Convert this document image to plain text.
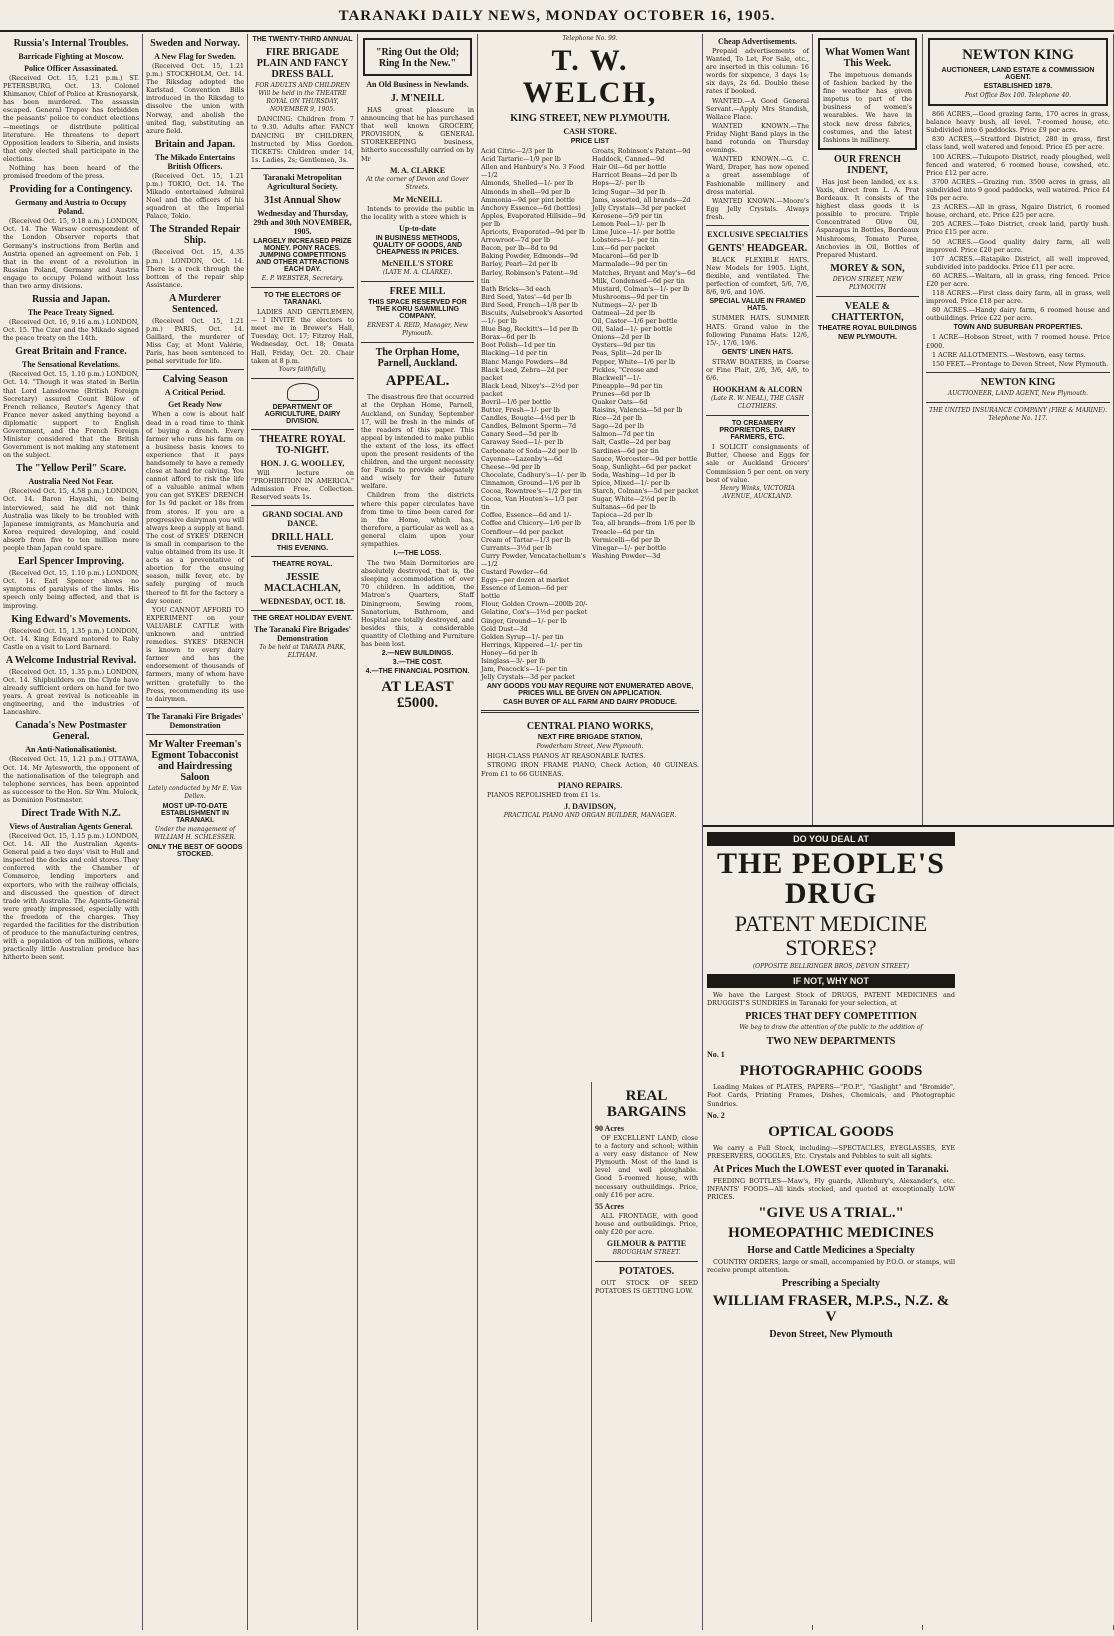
TARANAKI DAILY NEWS, MONDAY OCTOBER 16, 1905.
Russia's Internal Troubles.
Barricade Fighting at Moscow.
Police Officer Assassinated.
(Received Oct. 15, 1.21 p.m.) ST. PETERSBURG, Oct. 13. Colonel Khimanov, Chief of Police at Krasnoyarsk, has been murdered. The assassin escaped. General Trepov has forbidden the peasants' police to conduct elections—meetings or distribute political literature. He threatens to deport Opposition leaders to Siberia, and insists that only elected shall participate in the elections.
Nothing has been heard of the promised freedom of the press.
Providing for a Contingency.
Germany and Austria to Occupy Poland.
(Received Oct. 15, 9.18 a.m.) LONDON, Oct. 14. The Warsaw correspondent of the London Observer reports that Germany's instructions from Berlin and Austria opened an agreement on Feb. 1 that in the event of a revolution in Russian Poland, Germany and Austria engage to occupy Poland without loss than two army divisions.
Russia and Japan.
The Peace Treaty Signed.
(Received Oct. 16, 9.16 a.m.) LONDON, Oct. 15. The Czar and the Mikado signed the peace treaty on the 14th.
Great Britain and France.
The Sensational Revelations.
(Received Oct. 15, 1.10 p.m.) LONDON, Oct. 14. "Though it was stated in Berlin that Lord Lansdowne (British Foreign Secretary) assured Count Bülow of French reliance, Reuter's Agency that France never asked anything beyond a diplomatic support to English Government, and the French Foreign Minister considered that the British Government is not making any statement on the subject.
The "Yellow Peril" Scare.
Australia Need Not Fear.
(Received Oct. 15, 4.58 p.m.) LONDON, Oct. 14. Baron Hayashi, on being interviewed, said he did not think Australia was likely to be troubled with Japanese immigrants, as Manchuria and Korea required developing, and could absorb from five to ten million more people than Japan could spare.
Earl Spencer Improving.
(Received Oct. 15, 1.10 p.m.) LONDON, Oct. 14. Earl Spencer shows no symptoms of paralysis of the limbs. His speech only being affected, and that is improving.
King Edward's Movements.
(Received Oct. 15, 1.35 p.m.) LONDON, Oct. 14. King Edward motored to Raby Castle on a visit to Lord Barnard.
A Welcome Industrial Revival.
(Received Oct. 15, 1.35 p.m.) LONDON, Oct. 14. Shipbuilders on the Clyde have already sufficient orders on hand for two years. A great revival is noticeable in engineering, and the industries of Lancashire.
Canada's New Postmaster General.
An Anti-Nationalisationist.
(Received Oct. 15, 1.21 p.m.) OTTAWA, Oct. 14. Mr Aylesworth, the opponent of the nationalisation of the telegraph and telephone services, has been appointed as successor to the Hon. Sir Wm. Mulock, as Dominion Postmaster.
Direct Trade With N.Z.
Views of Australian Agents General.
(Received Oct. 15, 1.15 p.m.) LONDON, Oct. 14. All the Australian Agents-General paid a two days' visit to Hull and inspected the docks and cold stores. They conferred with the Chamber of Commerce, lending importers and exporters, who with the railway officials, and discussed the question of direct trade with Australia. The Agents-General were greatly impressed, especially with the freedom of the charges. They regarded the facilities for the distribution of produce to the manufacturing centres, with a population of ten millions, where practically little Australian produce has hitherto been sent.
Sweden and Norway.
A New Flag for Sweden.
(Received Oct. 15, 1.21 p.m.) STOCKHOLM, Oct. 14. The Riksdag adopted the Karlstad Convention Bills introduced in the Riksdag to dissolve the union with Norway, and abolish the united flag, substituting an azure field.
Britain and Japan.
The Mikado Entertains British Officers.
(Received Oct. 15, 1.21 p.m.) TOKIO, Oct. 14. The Mikado entertained Admiral Noel and the officers of his squadron at the Imperial Palace, Tokio.
The Stranded Repair Ship.
(Received Oct. 15, 4.35 p.m.) LONDON, Oct. 14. There is a rock through the bottom of the repair ship Assistance.
A Murderer Sentenced.
(Received Oct. 15, 1.21 p.m.) PARIS, Oct. 14. Gaillard, the murderer of Miss Cay, at Mont Valérie, Paris, has been sentenced to penal servitude for life.
Calving Season
A Critical Period.
Get Ready Now
When a cow is about half dead in a road time to think of buying a drench. Every farmer who runs his farm on a business basis knows to experience that it pays handsomely to have a remedy close at hand for calving. You cannot afford to risk the life of a valuable animal when you can get SYKES' DRENCH for 1s 9d packet or 18s from from stores. If you are a progressive dairyman you will always keep a supply at hand. The cost of SYKES' DRENCH is small in comparison to the value obtained from its use. It acts as a preventative of abortion for the ensuing season, milk fever, etc. by safely purging of much thereof to fit for the factory a day sooner.
YOU CANNOT AFFORD TO EXPERIMENT on your VALUABLE CATTLE with unknown and untried remedies. SYKES' DRENCH is known to every dairy farmer and has the endorsement of thousands of farmers, many of whom have written gratefully to the Press, recommending its use to dairymen.
The Taranaki Fire Brigades' Demonstration
Mr Walter Freeman's Egmont Tobacconist and Hairdressing Saloon
Lately conducted by Mr E. Van Dellen.
MOST UP-TO-DATE ESTABLISHMENT IN TARANAKI.
Under the management of WILLIAM H. SCHLESSER.
ONLY THE BEST OF GOODS STOCKED.
THE TWENTY-THIRD ANNUAL
FIRE BRIGADE PLAIN AND FANCY DRESS BALL
FOR ADULTS AND CHILDREN Will be held in the THEATRE ROYAL ON THURSDAY, NOVEMBER 9, 1905.
DANCING: Children from 7 to 9.30. Adults after. FANCY DANCING BY CHILDREN, Instructed by Miss Gordon. TICKETS: Children under 14, 1s. Ladies, 2s; Gentlemen, 3s.
Taranaki Metropolitan Agricultural Society.
31st Annual Show
Wednesday and Thursday, 29th and 30th NOVEMBER, 1905.
LARGELY INCREASED PRIZE MONEY. PONY RACES. JUMPING COMPETITIONS AND OTHER ATTRACTIONS EACH DAY.
E. P. WEBSTER, Secretary.
TO THE ELECTORS OF TARANAKI.
LADIES AND GENTLEMEN,— I INVITE the electors to meet me in Brewer's Hall, Tuesday, Oct. 17; Fitzroy Hall, Wednesday, Oct. 18; Omata Hall, Friday, Oct. 20. Chair taken at 8 p.m.
Yours faithfully,
DEPARTMENT OF AGRICULTURE, DAIRY DIVISION.
THEATRE ROYAL TO-NIGHT.
HON. J. G. WOOLLEY,
Will lecture on "PROHIBITION IN AMERICA." Admission Free. Collection. Reserved seats 1s.
GRAND SOCIAL AND DANCE.
DRILL HALL
THIS EVENING.
THEATRE ROYAL.
JESSIE MACLACHLAN,
WEDNESDAY, OCT. 18.
THE GREAT HOLIDAY EVENT.
The Taranaki Fire Brigades' Demonstration
To be held at TARATA PARK, ELTHAM.
"Ring Out the Old; Ring In the New."
An Old Business in Newlands.
J. M'NEILL
HAS great pleasure in announcing that he has purchased that well known GROCERY, PROVISION, & GENERAL STOREKEEPING business, hitherto successfully carried on by Mr
M. A. CLARKE
At the corner of Devon and Gover Streets.
Mr McNEILL
Intends to provide the public in the locality with a store which is
Up-to-date
IN BUSINESS METHODS, QUALITY OF GOODS, AND CHEAPNESS IN PRICES.
McNEILL'S STORE
(LATE M. A. CLARKE).
FREE MILL
THIS SPACE RESERVED FOR THE KORU SAWMILLING COMPANY.
ERNEST A. REID, Manager, New Plymouth.
The Orphan Home, Parnell, Auckland.
APPEAL.
The disastrous fire that occurred at the Orphan Home, Parnell, Auckland, on Sunday, September 17, will be fresh in the minds of the readers of this paper. This appeal by intended to make public the extent of the loss, its effect upon the present residents of the children, and the urgent necessity for Funds to provide adequately and wisely for their future welfare.
Children from the districts where this paper circulates have from time to time been cared for in the Home, which has, therefore, a particular as well as a general claim upon your sympathies.
I.—THE LOSS.
The two Main Dormitories are absolutely destroyed, that is, the sleeping accommodation of over 70 children. In addition, the Matron's Quarters, Staff Diningroom, Sewing room, Sanatorium, Bathroom, and Hospital are totally destroyed, and besides this, a considerable quantity of Clothing and Furniture has been lost.
2.—NEW BUILDINGS.
3.—THE COST.
4.—THE FINANCIAL POSITION.
AT LEAST £5000.
Telephone No. 99.
T. W. WELCH,
KING STREET, NEW PLYMOUTH.
CASH STORE.
PRICE LIST
Acid Citric—2/3 per lb
Acid Tartaric—1/9 per lb
Allen and Hanbury's No. 3 Food—1/2
Almonds, Shelled—1/- per lb
Almonds in shell—9d per lb
Ammonia—9d per pint bottle
Anchovy Essence—6d (bottles)
Apples, Evaporated Hillside—9d per lb
Apricots, Evaporated—9d per lb
Arrowroot—7d per lb
Bacon, per lb—8d to 9d
Baking Powder, Edmonds—9d
Barley, Pearl—2d per lb
Barley, Robinson's Patent—9d tin
Bath Bricks—3d each
Bird Seed, Yates'—4d per lb
Bird Seed, French—1/8 per lb
Biscuits, Aulsebrook's Assorted—1/- per lb
Blue Bag, Reckitt's—1d per lb
Borax—6d per lb
Boot Polish—1d per tin
Blacking—1d per tin
Blanc Mange Powders—8d
Black Lead, Zebra—2d per packet
Black Lead, Nixey's—2½d per packet
Bovril—1/6 per bottle
Butter, Fresh—1/- per lb
Candles, Bougie—4½d per lb
Candles, Belmont Sperm—7d
Canary Seed—5d per lb
Caraway Seed—1/- per lb
Carbonate of Soda—2d per lb
Cayenne—Lazenby's—6d
Cheese—9d per lb
Chocolate, Cadbury's—1/- per lb
Cinnamon, Ground—1/6 per lb
Cocoa, Rowntree's—1/2 per tin
Cocoa, Van Houten's—1/3 per tin
Coffee, Essence—6d and 1/-
Coffee and Chicory—1/6 per lb
Cornflour—4d per packet
Cream of Tartar—1/3 per lb
Currants—3½d per lb
Curry Powder, Vencatachellum's—1/2
Custard Powder—6d
Eggs—per dozen at market
Essence of Lemon—6d per bottle
Flour, Golden Crown—200lb 20/-
Gelatine, Cox's—1½d per packet
Ginger, Ground—1/- per lb
Gold Dust—3d
Golden Syrup—1/- per tin
Herrings, Kippered—1/- per tin
Honey—6d per lb
Isinglass—3/- per lb
Jam, Peacock's—1/- per tin
Jelly Crystals—3d per packet
Groats, Robinson's Patent—9d
Haddock, Canned—9d
Hair Oil—6d per bottle
Harricot Beans—2d per lb
Hops—2/- per lb
Icing Sugar—3d per lb
Jams, assorted, all brands—2d
Jelly Crystals—3d per packet
Kerosene—5/9 per tin
Lemon Peel—1/- per lb
Lime Juice—1/- per bottle
Lobsters—1/- per tin
Lux—6d per packet
Macaroni—6d per lb
Marmalade—9d per tin
Matches, Bryant and May's—6d
Milk, Condensed—6d per tin
Mustard, Colman's—1/- per lb
Mushrooms—9d per tin
Nutmegs—2/- per lb
Oatmeal—2d per lb
Oil, Castor—1/6 per bottle
Oil, Salad—1/- per bottle
Onions—2d per lb
Oysters—9d per tin
Peas, Split—2d per lb
Pepper, White—1/6 per lb
Pickles, "Crosse and Blackwell"—1/-
Pineapple—9d per tin
Prunes—6d per lb
Quaker Oats—6d
Raisins, Valencia—5d per lb
Rice—2d per lb
Sago—2d per lb
Salmon—7d per tin
Salt, Castle—2d per bag
Sardines—6d per tin
Sauce, Worcester—9d per bottle
Soap, Sunlight—6d per packet
Soda, Washing—1d per lb
Spice, Mixed—1/- per lb
Starch, Colman's—5d per packet
Sugar, White—2½d per lb
Sultanas—6d per lb
Tapioca—2d per lb
Tea, all brands—from 1/6 per lb
Treacle—6d per tin
Vermicelli—6d per lb
Vinegar—1/- per bottle
Washing Powder—3d
ANY GOODS YOU MAY REQUIRE NOT ENUMERATED ABOVE, PRICES WILL BE GIVEN ON APPLICATION.
CASH BUYER OF ALL FARM AND DAIRY PRODUCE.
CENTRAL PIANO WORKS,
NEXT FIRE BRIGADE STATION,
Powderham Street, New Plymouth.
HIGH-CLASS PIANOS AT REASONABLE RATES.
STRONG IRON FRAME PIANO, Check Action, 40 GUINEAS. From £1 to 66 GUINEAS.
PIANO REPAIRS.
PIANOS REPOLISHED from £1 1s.
J. DAVIDSON,
PRACTICAL PIANO AND ORGAN BUILDER, MANAGER.
Cheap Advertisements.
Prepaid advertisements of Wanted, To Let, For Sale, etc., are inserted in this column: 16 words for sixpence, 3 days 1s; six days, 2s 6d. Double these rates if booked.
WANTED.—A Good General Servant.—Apply Mrs Standish, Wallace Place.
WANTED KNOWN.—The Friday Night Band plays in the band rotunda on Thursday evenings.
WANTED KNOWN.—G. C. Ward, Draper, has now opened a great assemblage of Fashionable millinery and dress material.
WANTED KNOWN.—Moore's Egg Jelly Crystals. Always fresh.
EXCLUSIVE SPECIALTIES
GENTS' HEADGEAR.
BLACK FLEXIBLE HATS. New Models for 1905. Light, flexible, and ventilated. The perfection of comfort, 5/6, 7/6, 8/6, 9/6, and 10/6.
SPECIAL VALUE IN FRAMED HATS.
SUMMER HATS. SUMMER HATS. Grand value in the following Panama Hats: 12/6, 15/-, 17/6, 19/6.
GENTS' LINEN HATS.
STRAW BOATERS, in Coarse or Fine Plait, 2/6, 3/6, 4/6, to 6/6.
HOOKHAM & ALCORN
(Late R. W. NEAL), THE CASH CLOTHIERS.
TO CREAMERY PROPRIETORS, DAIRY FARMERS, ETC.
I SOLICIT consignments of Butter, Cheese and Eggs for sale or Auckland Grocers' Commission 5 per cent. on very best of value.
Henry Winks, VICTORIA AVENUE, AUCKLAND.
What Women Want This Week.
The impetuous demands of fashion backed by the fine weather has given impetus to part of the business of women's wearables. We have in stock new dress fabrics, costumes, and the latest fashions in millinery.
OUR FRENCH INDENT,
Has just been landed, ex s.s. Vaxis, direct from L. A. Prat Bordeaux. It consists of the highest class goods it is possible to procure. Triple Concentrated Olive Oil, Asparagus in Bottles, Bordeaux Mushrooms, Tomato Puree, Anchovies in Oil, Bottles of Prepared Mustard.
MOREY & SON,
DEVON STREET, NEW PLYMOUTH
VEALE & CHATTERTON,
THEATRE ROYAL BUILDINGS
NEW PLYMOUTH.
NEWTON KING
AUCTIONEER, LAND ESTATE & COMMISSION AGENT.
ESTABLISHED 1879.
Post Office Box 100. Telephone 40.
866 ACRES,—Good grazing farm, 170 acres in grass, balance heavy bush, all level. 7-roomed house, etc. Subdivided into 6 paddocks. Price £9 per acre.
830 ACRES,—Stratford District, 280 in grass, first class land, well watered and fenced. Price £5 per acre.
100 ACRES.—Tukupoto District, ready ploughed, well fenced and watered, 6 roomed house, cowshed, etc. Price £12 per acre.
3700 ACRES.—Grazing run. 3500 acres in grass, all subdivided into 9 good paddocks, well watered. Price £4 10s per acre.
23 ACRES.—All in grass, Ngaire District, 6 roomed house, orchard, etc. Price £25 per acre.
205 ACRES.—Toko District, creek land, partly bush. Price £15 per acre.
50 ACRES.—Good quality dairy farm, all well improved. Price £20 per acre.
107 ACRES.—Ratapiko District, all well improved, subdivided into paddocks. Price £11 per acre.
60 ACRES.—Waitara, all in grass, ring fenced. Price £20 per acre.
118 ACRES.—First class dairy farm, all in grass, well improved. Price £18 per acre.
80 ACRES.—Handy dairy farm, 6 roomed house and outbuildings. Price £22 per acre.
TOWN AND SUBURBAN PROPERTIES.
1 ACRE—Hobson Street, with 7 roomed house. Price £900.
1 ACRE ALLOTMENTS.—Westown, easy terms.
150 FEET.—Frontage to Devon Street, New Plymouth.
NEWTON KING
AUCTIONEER, LAND AGENT, New Plymouth.
THE UNITED INSURANCE COMPANY (FIRE & MARINE). Telephone No. 117.
DO YOU DEAL AT
THE PEOPLE'S DRUG
PATENT MEDICINE STORES?
(OPPOSITE BELLRINGER BROS, DEVON STREET)
IF NOT, WHY NOT
We have the Largest Stock of DRUGS, PATENT MEDICINES and DRUGGIST'S SUNDRIES in Taranaki for your selection, at
PRICES THAT DEFY COMPETITION
We beg to draw the attention of the public to the addition of
TWO NEW DEPARTMENTS
No. 1
PHOTOGRAPHIC GOODS
Leading Makes of PLATES, PAPERS—"P.O.P.", "Gaslight" and "Bromide", Foot Cards, Printing Frames, Dishes, Chemicals, and Photographic Sundries.
No. 2
OPTICAL GOODS
We carry a Full Stock, including:—SPECTACLES, EYEGLASSES, EYE PRESERVERS, GOGGLES, Etc. Crystals and Pebbles to suit all sights.
At Prices Much the LOWEST ever quoted in Taranaki.
FEEDING BOTTLES—Maw's, Fly guards, Allenbury's, Alexander's, etc. INFANTS' FOODS—All kinds stocked, and quoted at exceptionally LOW PRICES.
"GIVE US A TRIAL."
HOMEOPATHIC MEDICINES
Horse and Cattle Medicines a Specialty
COUNTRY ORDERS, large or small, accompanied by P.O.O. or stamps, will receive prompt attention.
Prescribing a Specialty
WILLIAM FRASER, M.P.S., N.Z. & V
Devon Street, New Plymouth
REAL BARGAINS
90 Acres
OF EXCELLENT LAND, close to a factory and school; within a very easy distance of New Plymouth. Most of the land is level and well ploughable. Good 5-roomed house, with necessary outbuildings. Price, only £16 per acre.
55 Acres
ALL FRONTAGE, with good house and outbuildings. Price, only £20 per acre.
GILMOUR & PATTIE
BROUGHAM STREET.
POTATOES.
OUT STOCK OF SEED POTATOES IS GETTING LOW.
